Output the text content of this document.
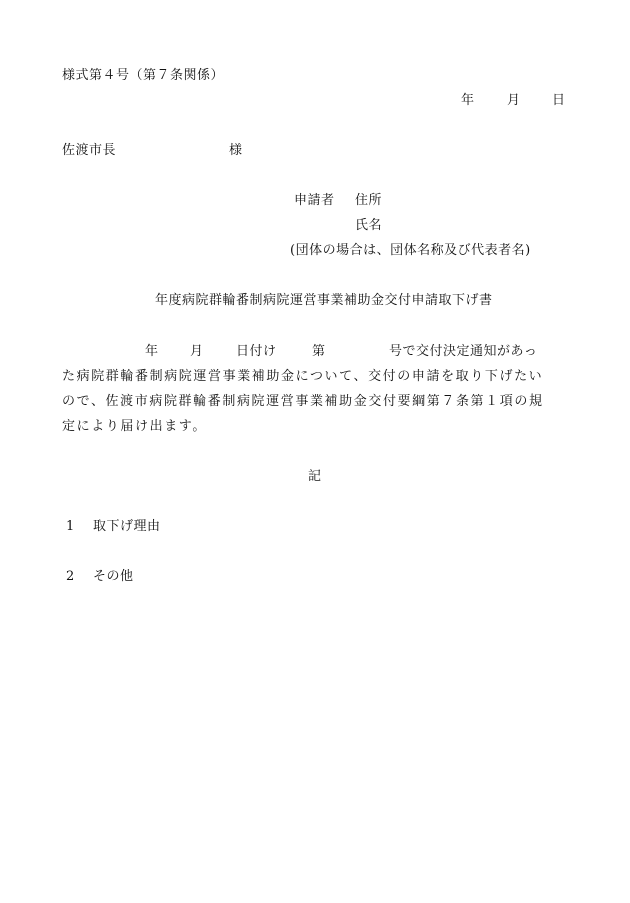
様式第４号（第７条関係）
年 月 日
佐渡市長	様
申請者 住所
氏名
(団体の場合は、団体名称及び代表者名)
年度病院群輪番制病院運営事業補助金交付申請取下げ書
年 月 日付け	第	号で交付決定通知があっ
た病院群輪番制病院運営事業補助金について、交付の申請を取り下げたい
ので、佐渡市病院群輪番制病院運営事業補助金交付要綱第７条第１項の規
定により届け出ます。
記
1 取下げ理由
2 その他
